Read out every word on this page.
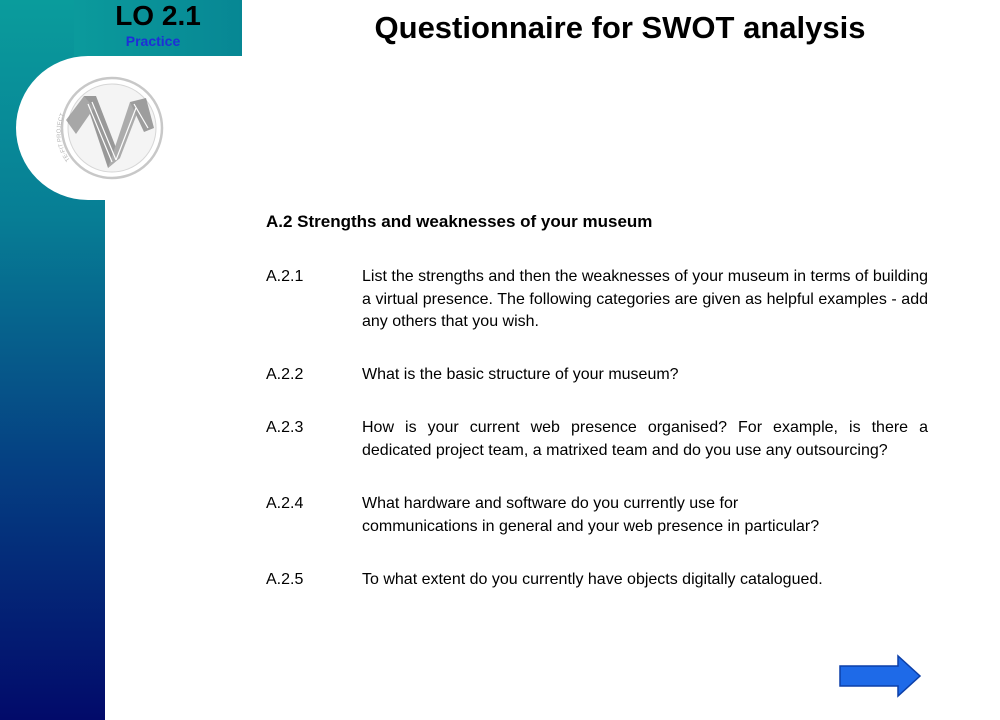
LO 2.1
Practice
TE-FIT PROJECT
Questionnaire for SWOT analysis
A.2 Strengths and weaknesses of your museum
A.2.1	List the strengths and then the weaknesses of your museum in terms of building a virtual presence. The following categories are given as helpful examples - add any others that you wish.
A.2.2	What is the basic structure of your museum?
A.2.3	How is your current web presence organised? For example, is there a dedicated project team, a matrixed team and do you use any outsourcing?
A.2.4	What hardware and software do you currently use for
communications in general and your web presence in particular?
A.2.5	To what extent do you currently have objects digitally catalogued.
